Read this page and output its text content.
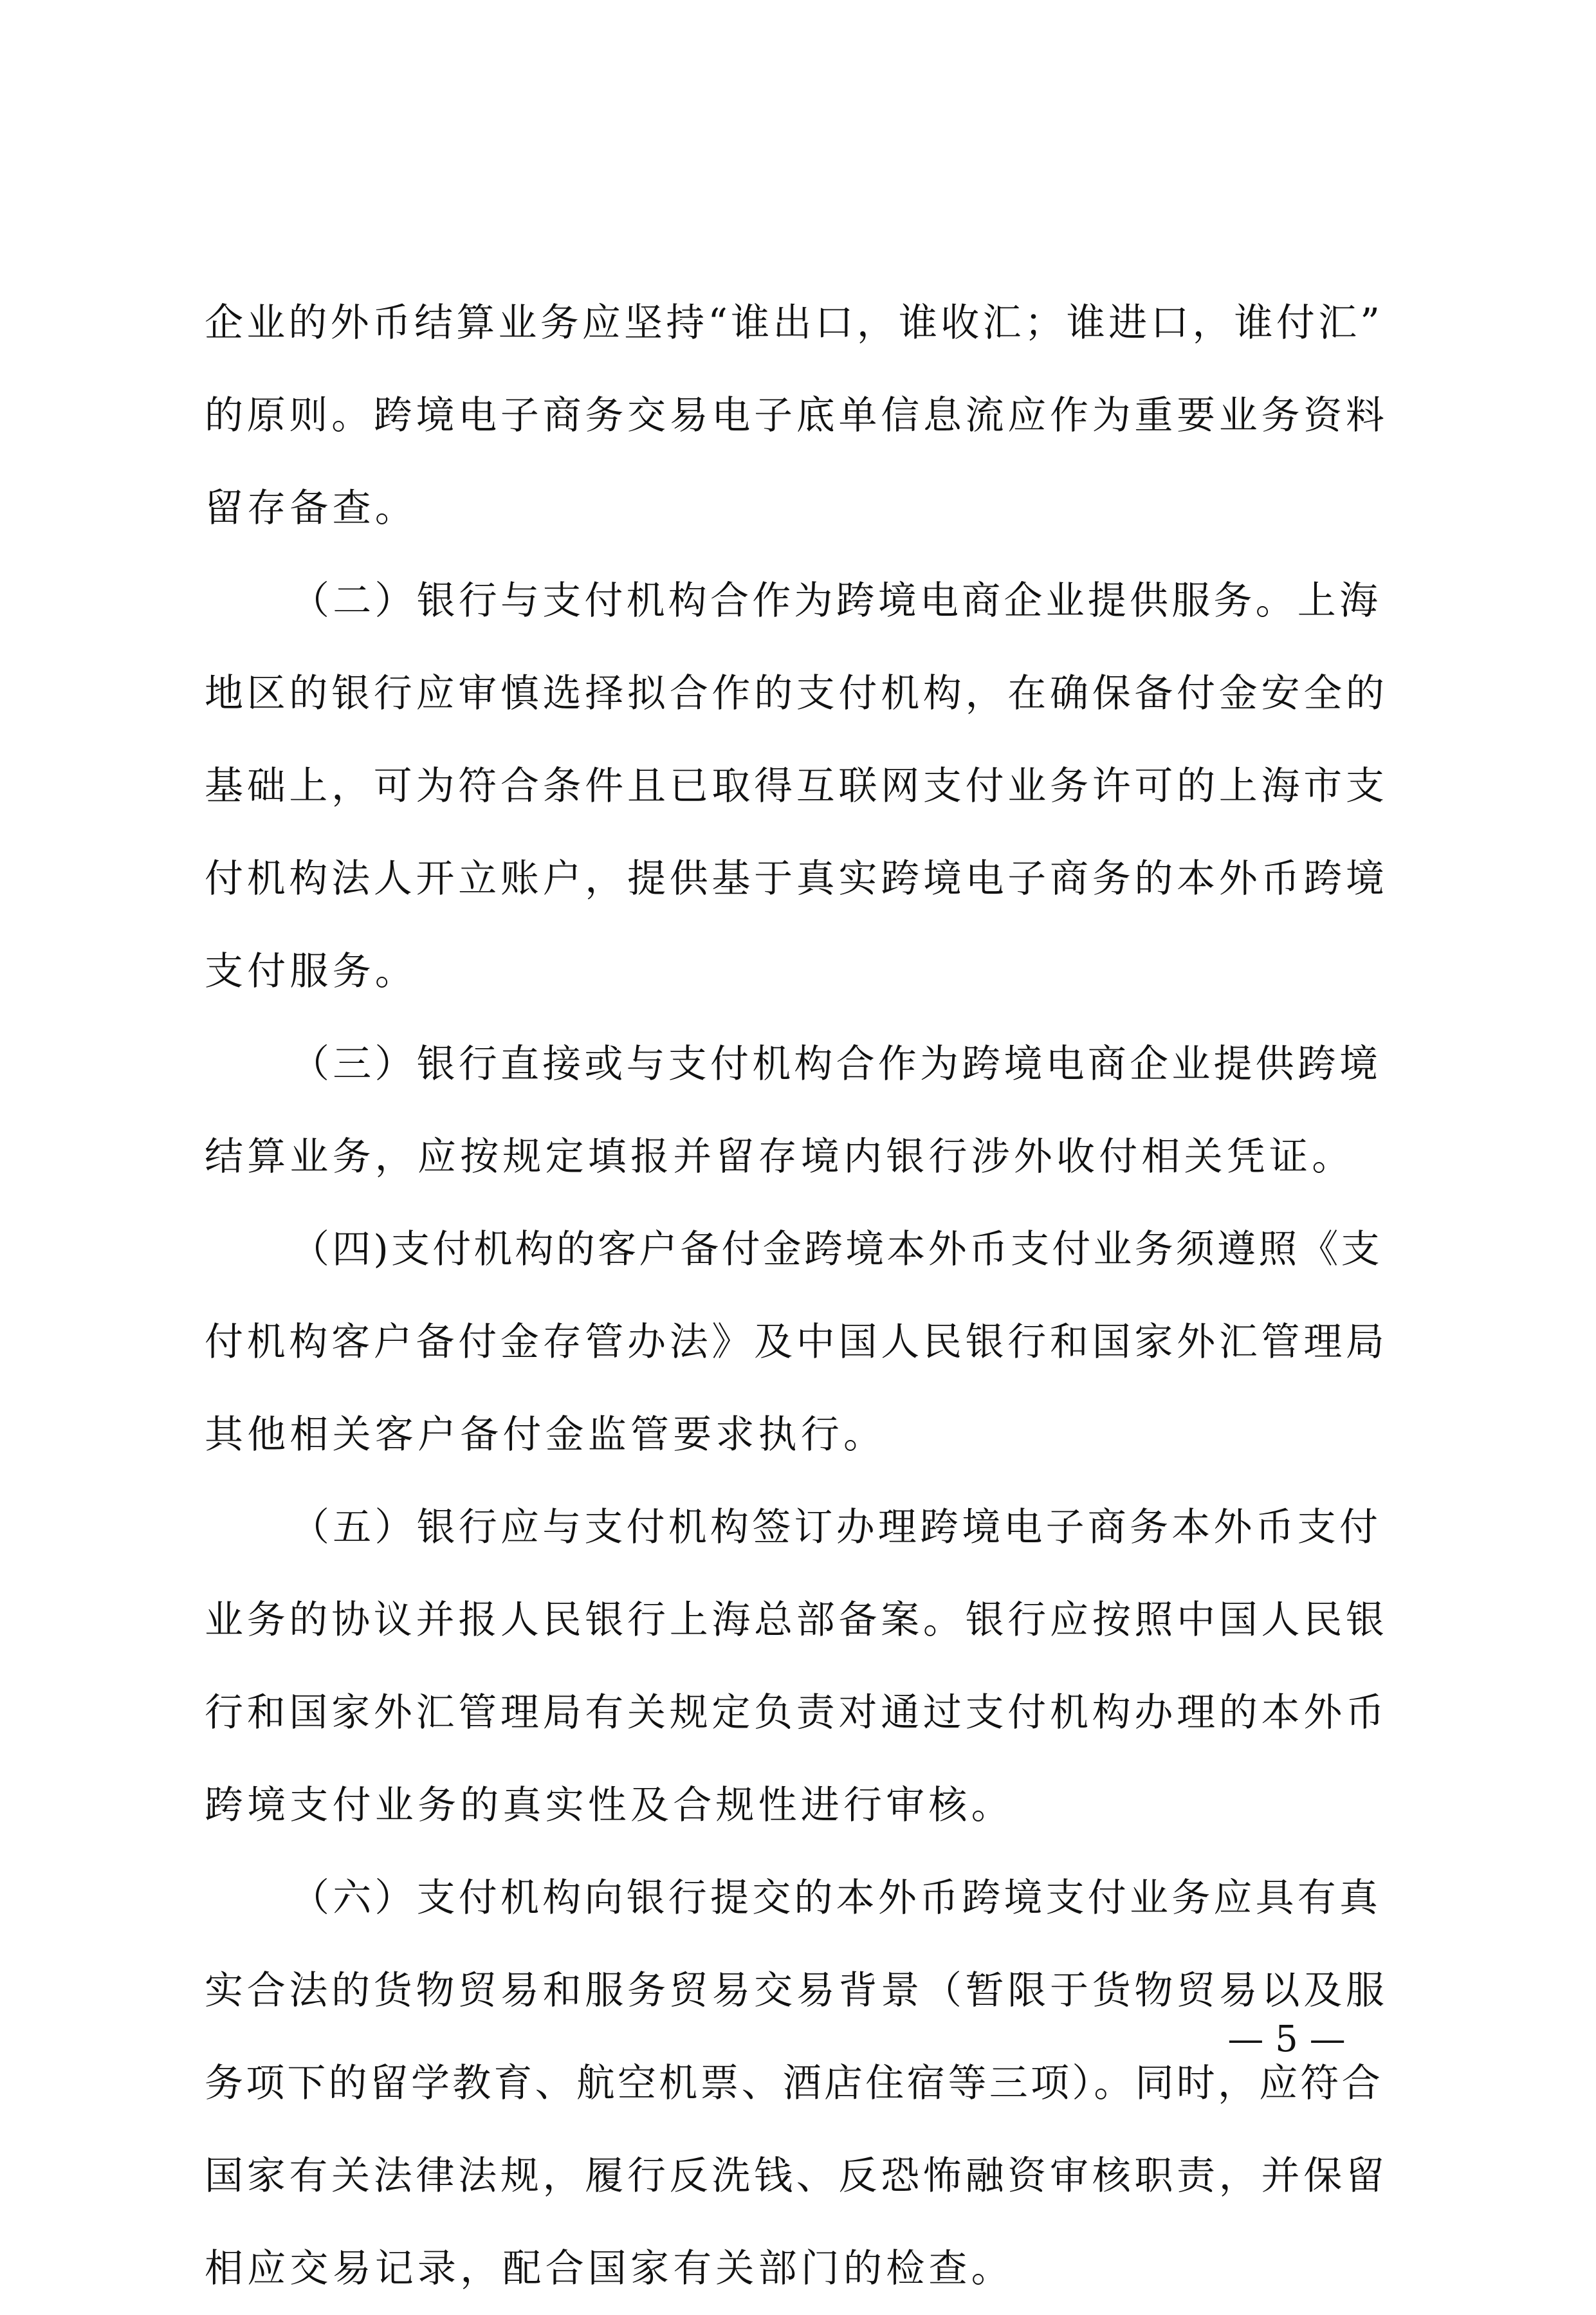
企业的外币结算业务应坚持“谁出口，谁收汇；谁进口，谁付汇”
的原则。跨境电子商务交易电子底单信息流应作为重要业务资料
留存备查。
（二）银行与支付机构合作为跨境电商企业提供服务。上海
地区的银行应审慎选择拟合作的支付机构，在确保备付金安全的
基础上，可为符合条件且已取得互联网支付业务许可的上海市支
付机构法人开立账户，提供基于真实跨境电子商务的本外币跨境
支付服务。
（三）银行直接或与支付机构合作为跨境电商企业提供跨境
结算业务，应按规定填报并留存境内银行涉外收付相关凭证。
（四)支付机构的客户备付金跨境本外币支付业务须遵照《支
付机构客户备付金存管办法》及中国人民银行和国家外汇管理局
其他相关客户备付金监管要求执行。
（五）银行应与支付机构签订办理跨境电子商务本外币支付
业务的协议并报人民银行上海总部备案。银行应按照中国人民银
行和国家外汇管理局有关规定负责对通过支付机构办理的本外币
跨境支付业务的真实性及合规性进行审核。
（六）支付机构向银行提交的本外币跨境支付业务应具有真
实合法的货物贸易和服务贸易交易背景（暂限于货物贸易以及服
务项下的留学教育、航空机票、酒店住宿等三项）。同时，应符合
国家有关法律法规，履行反洗钱、反恐怖融资审核职责，并保留
相应交易记录，配合国家有关部门的检查。
— 5 —
